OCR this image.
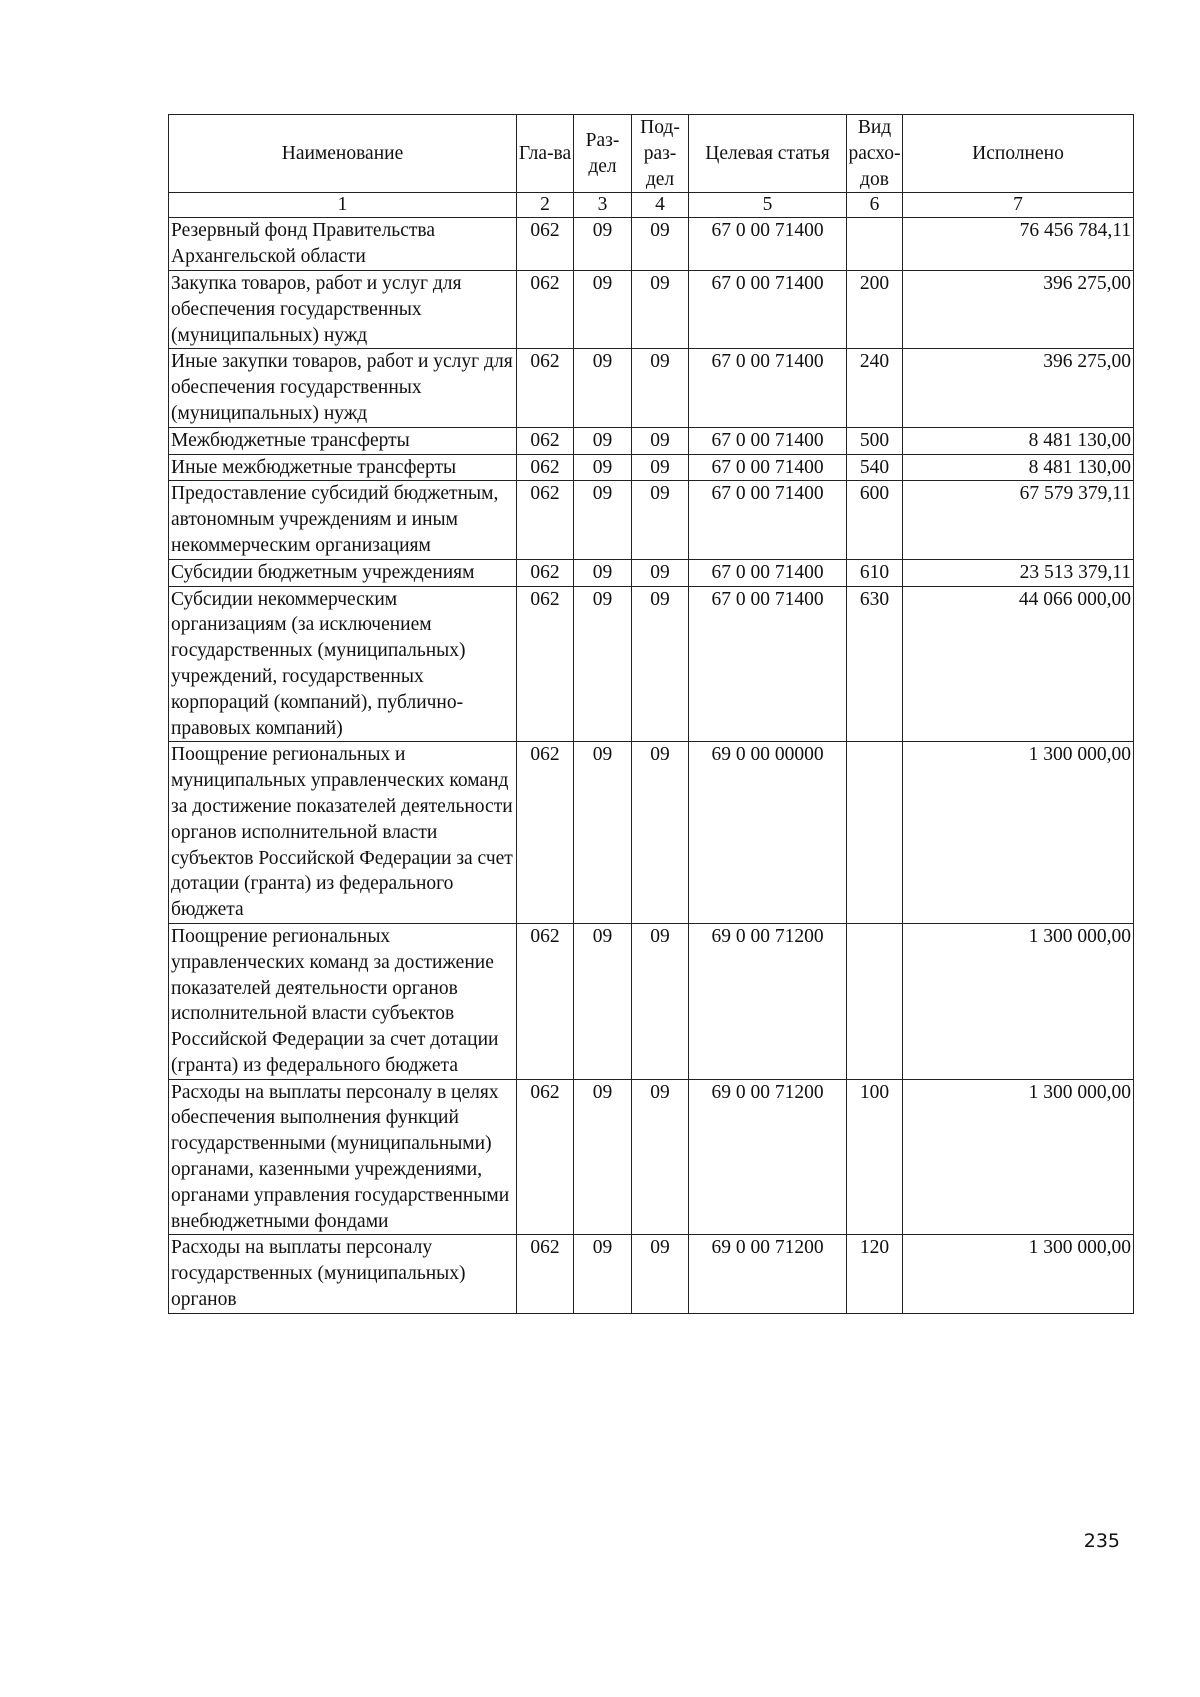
Наименование	Гла-ва	Раз-дел	Под-раз-дел	Целевая статья	Вид расхо-дов	Исполнено
1	2	3	4	5	6	7
Резервный фонд Правительства Архангельской области	062	09	09	67 0 00 71400		76 456 784,11
Закупка товаров, работ и услуг для обеспечения государственных (муниципальных) нужд	062	09	09	67 0 00 71400	200	396 275,00
Иные закупки товаров, работ и услуг для обеспечения государственных (муниципальных) нужд	062	09	09	67 0 00 71400	240	396 275,00
Межбюджетные трансферты	062	09	09	67 0 00 71400	500	8 481 130,00
Иные межбюджетные трансферты	062	09	09	67 0 00 71400	540	8 481 130,00
Предоставление субсидий бюджетным, автономным учреждениям и иным некоммерческим организациям	062	09	09	67 0 00 71400	600	67 579 379,11
Субсидии бюджетным учреждениям	062	09	09	67 0 00 71400	610	23 513 379,11
Субсидии некоммерческим организациям (за исключением государственных (муниципальных) учреждений, государственных корпораций (компаний), публично-правовых компаний)	062	09	09	67 0 00 71400	630	44 066 000,00
Поощрение региональных и муниципальных управленческих команд за достижение показателей деятельности органов исполнительной власти субъектов Российской Федерации за счет дотации (гранта) из федерального бюджета	062	09	09	69 0 00 00000		1 300 000,00
Поощрение региональных управленческих команд за достижение показателей деятельности органов исполнительной власти субъектов Российской Федерации за счет дотации (гранта) из федерального бюджета	062	09	09	69 0 00 71200		1 300 000,00
Расходы на выплаты персоналу в целях обеспечения выполнения функций государственными (муниципальными) органами, казенными учреждениями, органами управления государственными внебюджетными фондами	062	09	09	69 0 00 71200	100	1 300 000,00
Расходы на выплаты персоналу государственных (муниципальных) органов	062	09	09	69 0 00 71200	120	1 300 000,00
235
